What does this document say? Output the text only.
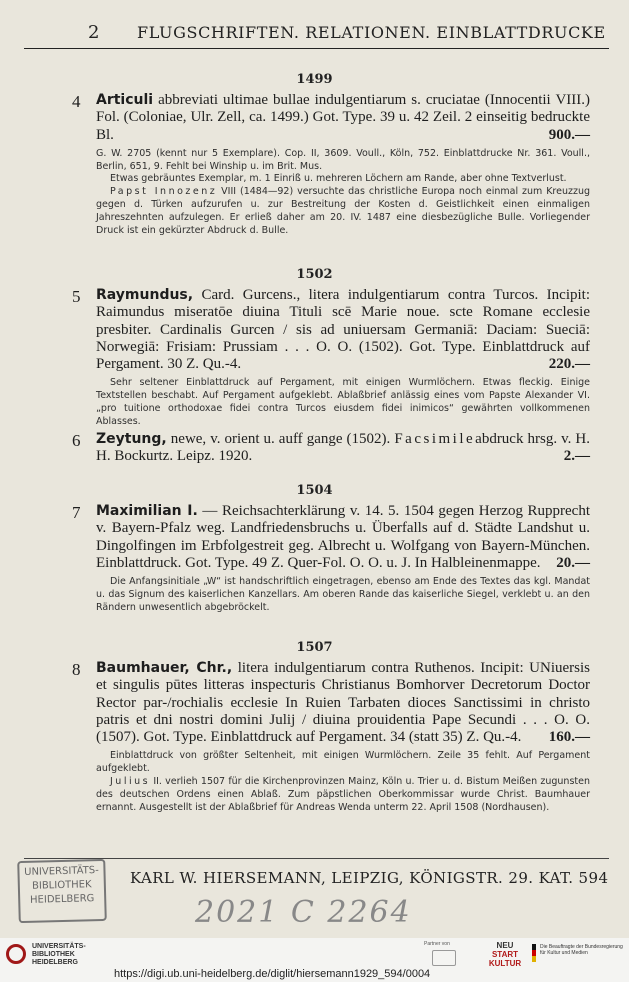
2 FLUGSCHRIFTEN. RELATIONEN. EINBLATTDRUCKE
1499
4 Articuli abbreviati ultimae bullae indulgentiarum s. cruciatae (Innocentii VIII.) Fol. (Coloniae, Ulr. Zell, ca. 1499.) Got. Type. 39 u. 42 Zeil. 2 einseitig bedruckte Bl.	900.—

G. W. 2705 (kennt nur 5 Exemplare). Cop. II, 3609. Voull., Köln, 752. Einblattdrucke Nr. 361. Voull., Berlin, 651, 9. Fehlt bei Winship u. im Brit. Mus.

Etwas gebräuntes Exemplar, m. 1 Einriß u. mehreren Löchern am Rande, aber ohne Textverlust.

Papst Innozenz VIII (1484—92) versuchte das christliche Europa noch einmal zum Kreuzzug gegen d. Türken aufzurufen u. zur Bestreitung der Kosten d. Geistlichkeit einen einmaligen Jahreszehnten aufzulegen. Er erließ daher am 20. IV. 1487 eine diesbezügliche Bulle. Vorliegender Druck ist ein gekürzter Abdruck d. Bulle.

1502
5 Raymundus, Card. Gurcens., litera indulgentiarum contra Turcos. Incipit: Raimundus miseratōe diuina Tituli scē Marie noue. scte Romane ecclesie presbiter. Cardinalis Gurcen / sis ad uniuersam Germaniā: Daciam: Sueciā: Norwegiā: Frisiam: Prussiam . . . O. O. (1502). Got. Type. Einblattdruck auf Pergament. 30 Z. Qu.-4.	220.—

Sehr seltener Einblattdruck auf Pergament, mit einigen Wurmlöchern. Etwas fleckig. Einige Textstellen beschabt. Auf Pergament aufgeklebt. Ablaßbrief anlässig eines vom Papste Alexander VI. „pro tuitione orthodoxae fidei contra Turcos eiusdem fidei inimicos“ gewährten vollkommenen Ablasses.

6 Zeytung, newe, v. orient u. auff gange (1502). Facsimileabdruck hrsg. v. H. H. Bockurtz. Leipz. 1920.	2.—
1504
7 Maximilian I. — Reichsachterklärung v. 14. 5. 1504 gegen Herzog Rupprecht v. Bayern-Pfalz weg. Landfriedensbruchs u. Überfalls auf d. Städte Landshut u. Dingolfingen im Erbfolgestreit geg. Albrecht u. Wolfgang von Bayern-München. Einblattdruck. Got. Type. 49 Z. Quer-Fol. O. O. u. J. In Halbleinenmappe. 20.—

Die Anfangsinitiale „W“ ist handschriftlich eingetragen, ebenso am Ende des Textes das kgl. Mandat u. das Signum des kaiserlichen Kanzellars. Am oberen Rande das kaiserliche Siegel, verklebt u. an den Rändern unwesentlich abgebröckelt.

1507
8 Baumhauer, Chr., litera indulgentiarum contra Ruthenos. Incipit: UNiuersis et singulis pūtes litteras inspecturis Christianus Bomhorver Decretorum Doctor Rector par-/rochialis ecclesie In Ruien Tarbaten dioces Sanctissimi in christo patris et dni nostri domini Julij / diuina prouidentia Pape Secundi . . . O. O. (1507). Got. Type. Einblattdruck auf Pergament. 34 (statt 35) Z. Qu.-4. 160.—

Einblattdruck von größter Seltenheit, mit einigen Wurmlöchern. Zeile 35 fehlt. Auf Pergament aufgeklebt.

Julius II. verlieh 1507 für die Kirchenprovinzen Mainz, Köln u. Trier u. d. Bistum Meißen zugunsten des deutschen Ordens einen Ablaß. Zum päpstlichen Oberkommissar wurde Christ. Baumhauer ernannt. Ausgestellt ist der Ablaßbrief für Andreas Wenda unterm 22. April 1508 (Nordhausen).

UNIVERSITÄTS-
BIBLIOTHEK
HEIDELBERG
KARL W. HIERSEMANN, LEIPZIG, KÖNIGSTR. 29. KAT. 594
2021 C 2264
UNIVERSITÄTS-
BIBLIOTHEK
HEIDELBERG
Partner von	NEU
START
KULTUR
Die Beauftragte der Bundesregierung für Kultur und Medien
https://digi.ub.uni-heidelberg.de/diglit/hiersemann1929_594/0004
